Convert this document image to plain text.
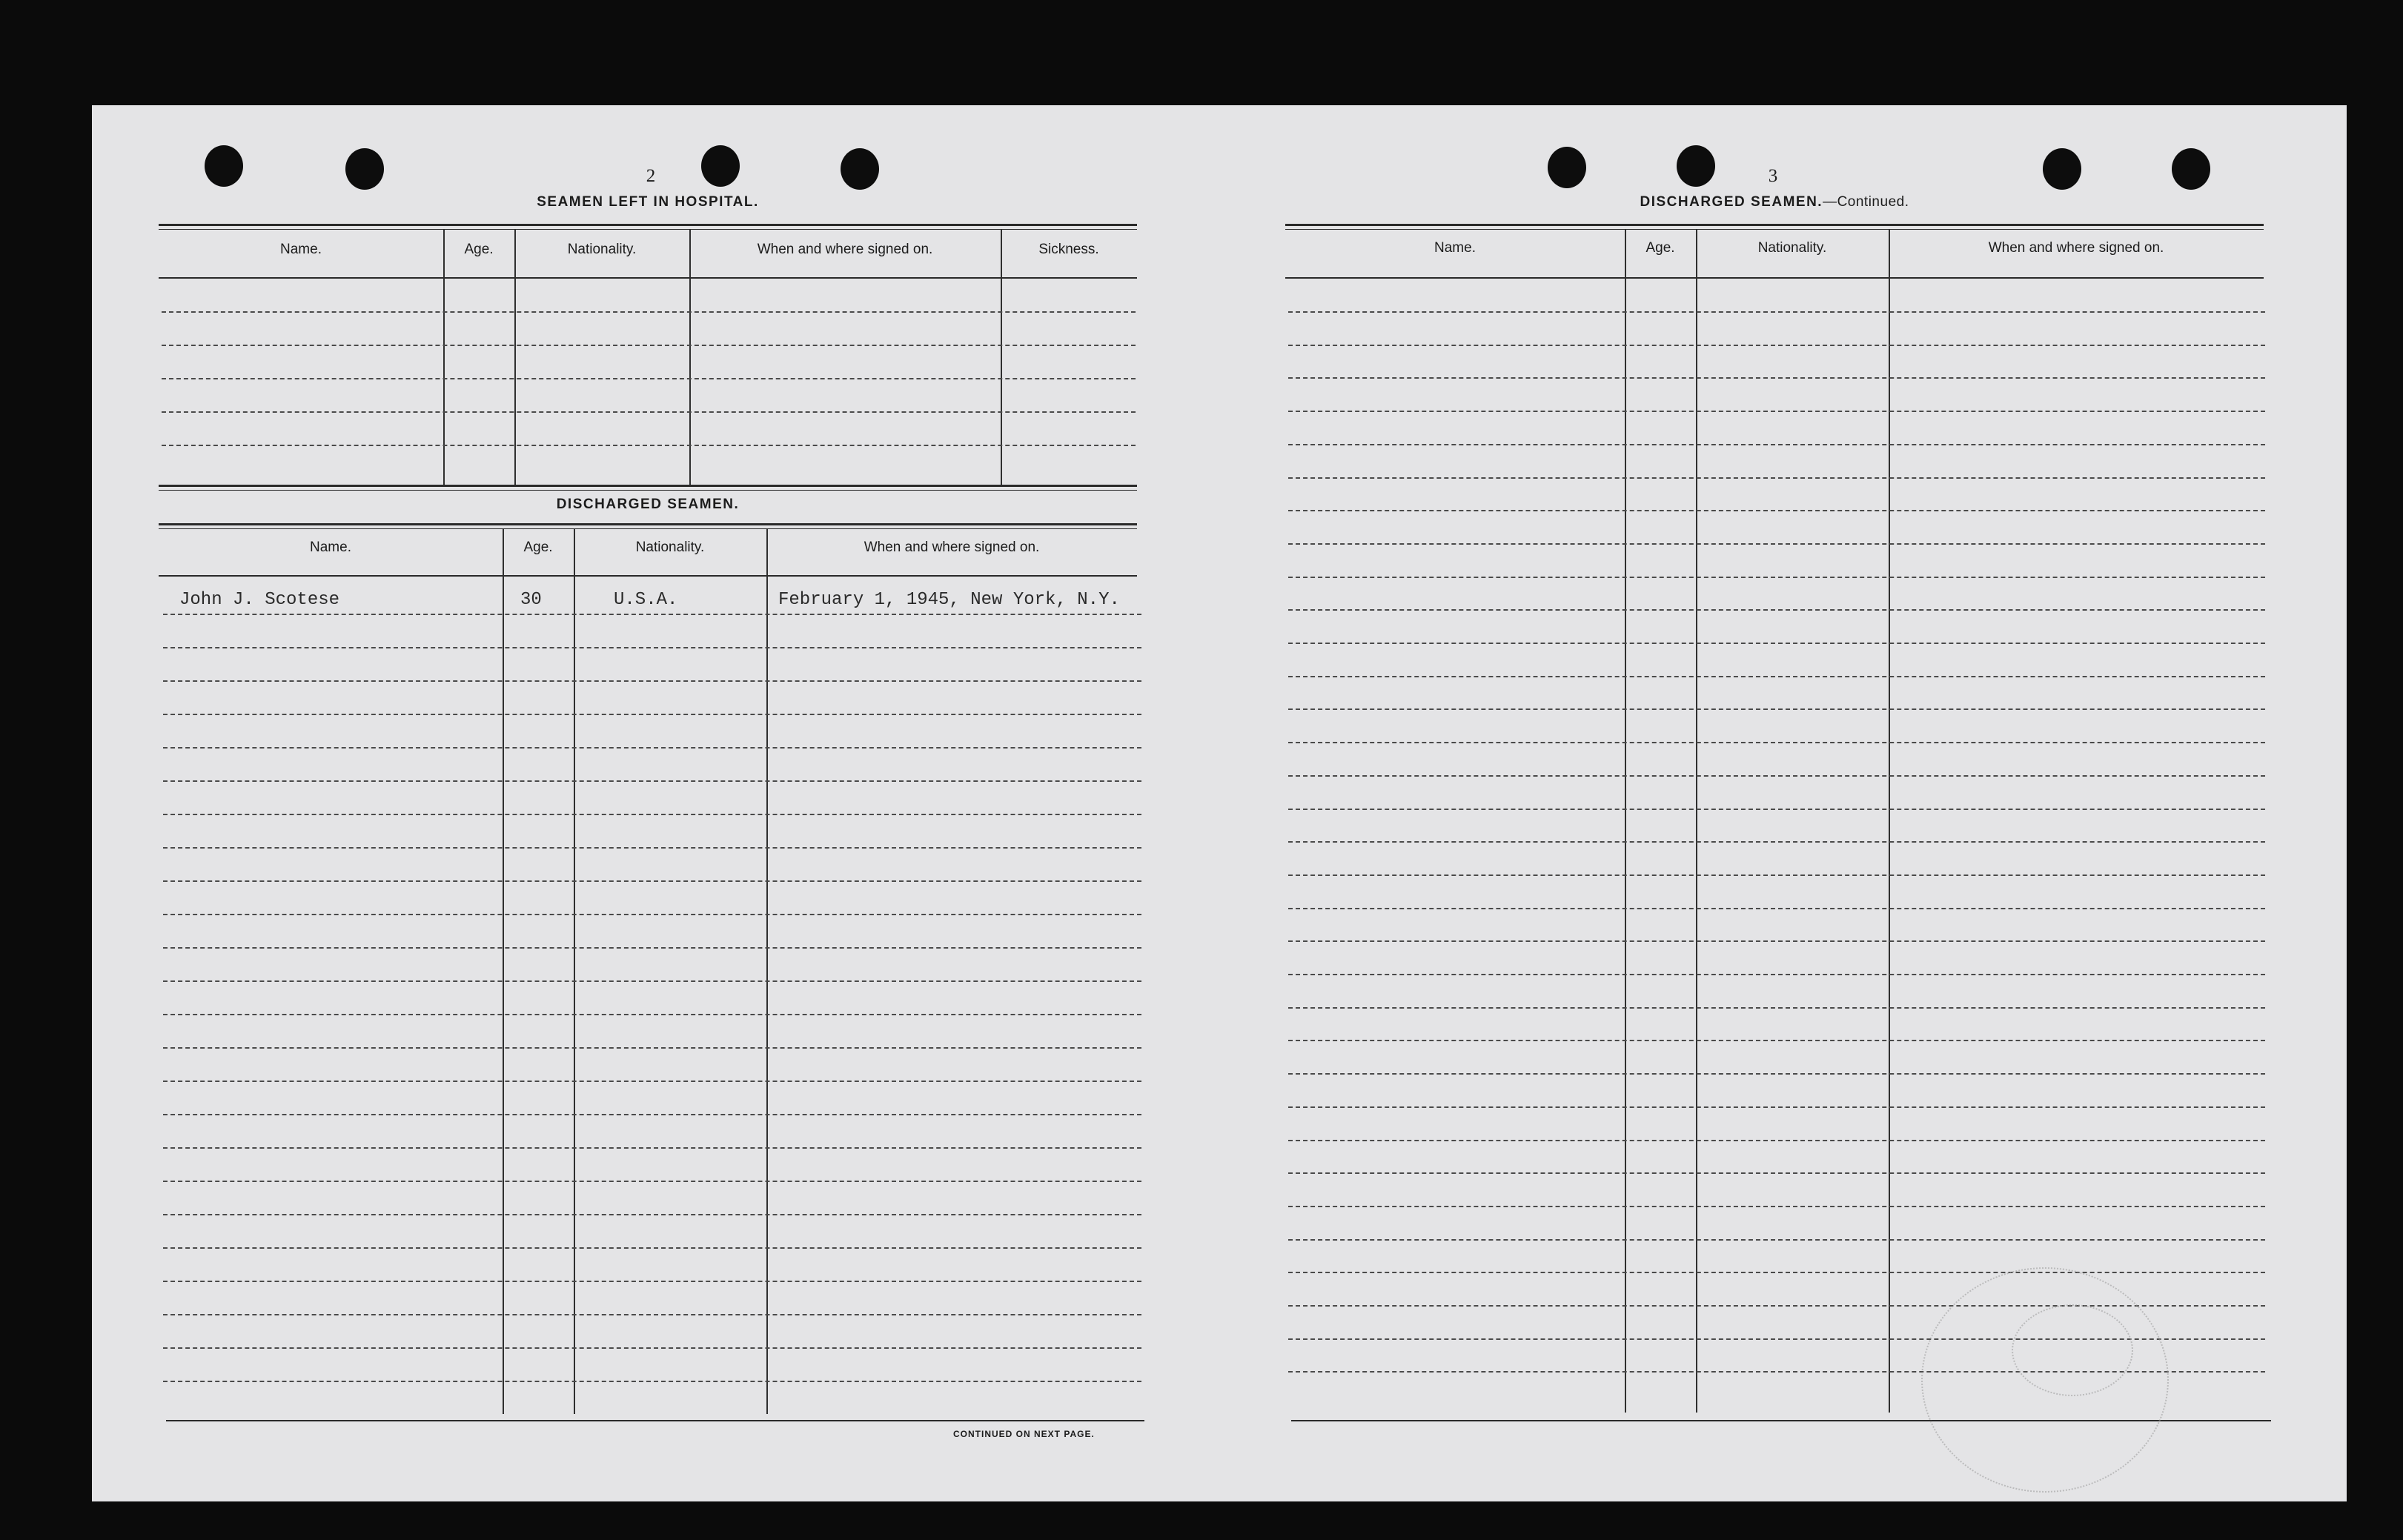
2
SEAMEN LEFT IN HOSPITAL.
Name.	Age.	Nationality.	When and where signed on.	Sickness.
DISCHARGED SEAMEN.
Name.	Age.	Nationality.	When and where signed on.
John J. Scotese	30	U.S.A.	February 1, 1945, New York, N.Y.
CONTINUED ON NEXT PAGE.
3
DISCHARGED SEAMEN.—Continued.
Name.	Age.	Nationality.	When and where signed on.
